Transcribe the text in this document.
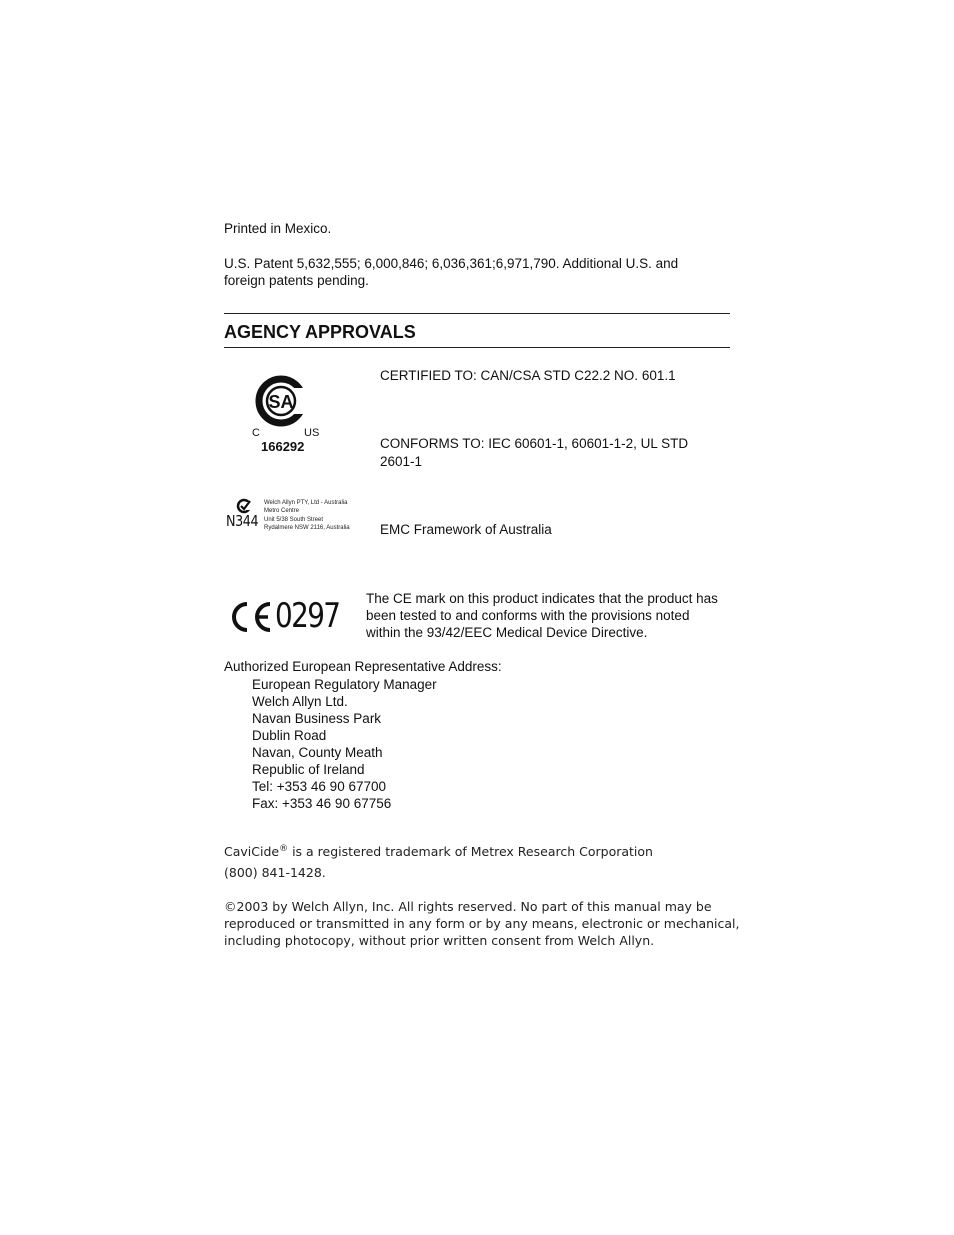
Printed in Mexico.
U.S. Patent 5,632,555; 6,000,846; 6,036,361;6,971,790. Additional U.S. and
foreign patents pending.
AGENCY APPROVALS
SA
C	US
166292
CERTIFIED TO: CAN/CSA STD C22.2 NO. 601.1
CONFORMS TO: IEC 60601-1, 60601-1-2, UL STD
2601-1
N344
Welch Allyn PTY, Ltd - Australia
Metro Centre
Unit 5/38 South Street
Rydalmere NSW 2116, Australia EMC Framework of Australia
0297 The CE mark on this product indicates that the product has
been tested to and conforms with the provisions noted
within the 93/42/EEC Medical Device Directive.
Authorized European Representative Address:
European Regulatory Manager
Welch Allyn Ltd.
Navan Business Park
Dublin Road
Navan, County Meath
Republic of Ireland
Tel: +353 46 90 67700
Fax: +353 46 90 67756
CaviCide® is a registered trademark of Metrex Research Corporation
(800) 841-1428.
©2003 by Welch Allyn, Inc. All rights reserved. No part of this manual may be
reproduced or transmitted in any form or by any means, electronic or mechanical,
including photocopy, without prior written consent from Welch Allyn.
